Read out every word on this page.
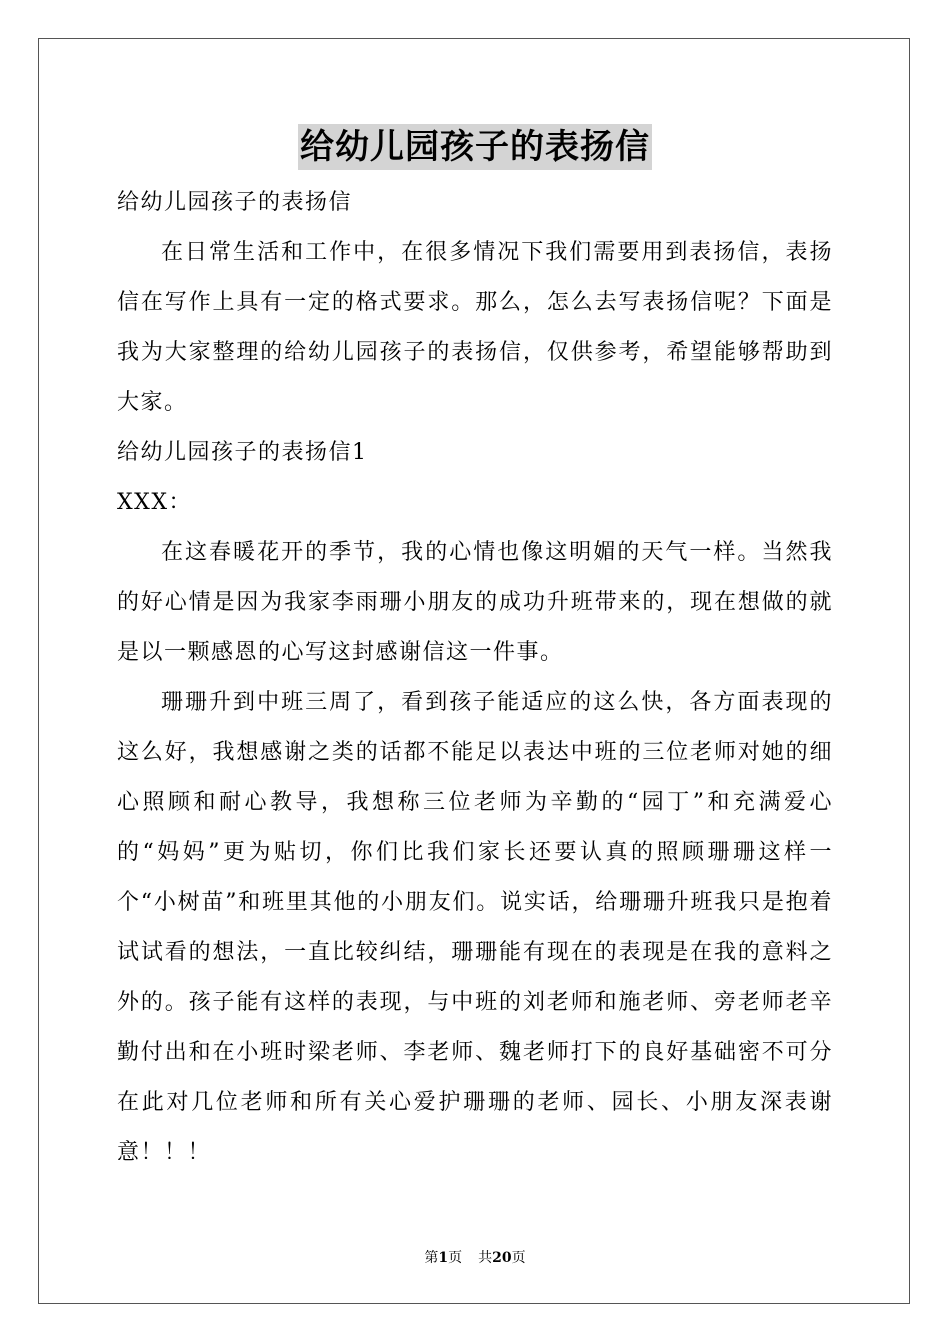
给幼儿园孩子的表扬信

给幼儿园孩子的表扬信

在日常生活和工作中，在很多情况下我们需要用到表扬信，表扬信在写作上具有一定的格式要求。那么，怎么去写表扬信呢？下面是我为大家整理的给幼儿园孩子的表扬信，仅供参考，希望能够帮助到大家。

给幼儿园孩子的表扬信1

XXX：

在这春暖花开的季节，我的心情也像这明媚的天气一样。当然我的好心情是因为我家李雨珊小朋友的成功升班带来的，现在想做的就是以一颗感恩的心写这封感谢信这一件事。

珊珊升到中班三周了，看到孩子能适应的这么快，各方面表现的这么好，我想感谢之类的话都不能足以表达中班的三位老师对她的细心照顾和耐心教导，我想称三位老师为辛勤的“园丁”和充满爱心的“妈妈”更为贴切，你们比我们家长还要认真的照顾珊珊这样一个“小树苗”和班里其他的小朋友们。说实话，给珊珊升班我只是抱着试试看的想法，一直比较纠结，珊珊能有现在的表现是在我的意料之外的。孩子能有这样的表现，与中班的刘老师和施老师、旁老师老辛勤付出和在小班时梁老师、李老师、魏老师打下的良好基础密不可分在此对几位老师和所有关心爱护珊珊的老师、园长、小朋友深表谢意！！！

第1页 共20页
